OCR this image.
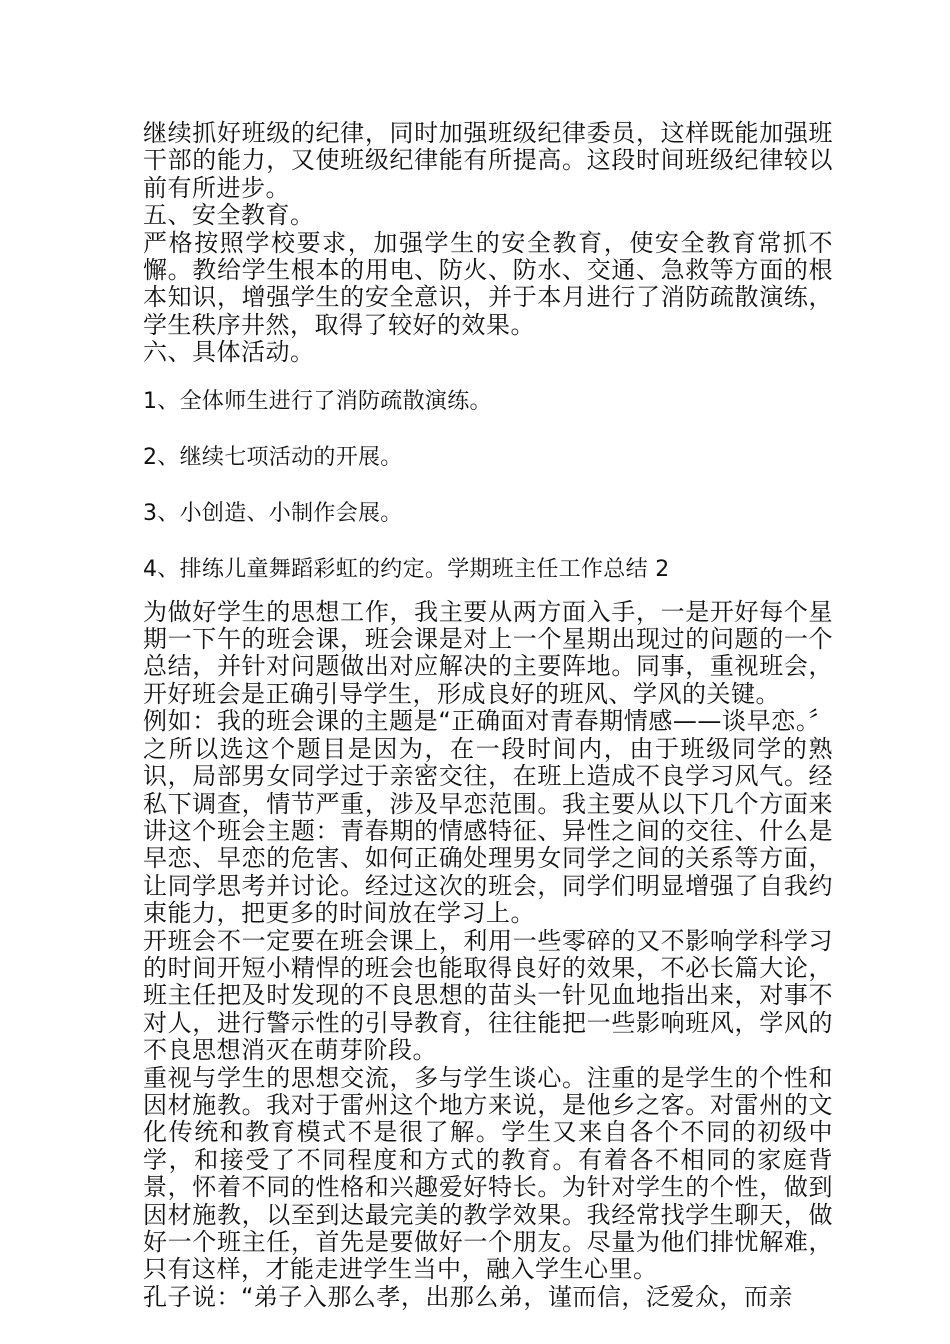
继续抓好班级的纪律，同时加强班级纪律委员，这样既能加强班干部的能力，又使班级纪律能有所提高。这段时间班级纪律较以前有所进步。

五、安全教育。

严格按照学校要求，加强学生的安全教育，使安全教育常抓不懈。教给学生根本的用电、防火、防水、交通、急救等方面的根本知识，增强学生的安全意识，并于本月进行了消防疏散演练，学生秩序井然，取得了较好的效果。

六、具体活动。

1、全体师生进行了消防疏散演练。

2、继续七项活动的开展。

3、小创造、小制作会展。

4、排练儿童舞蹈彩虹的约定。学期班主任工作总结 2

为做好学生的思想工作，我主要从两方面入手，一是开好每个星期一下午的班会课，班会课是对上一个星期出现过的问题的一个总结，并针对问题做出对应解决的主要阵地。同事，重视班会，开好班会是正确引导学生，形成良好的班风、学风的关键。

例如：我的班会课的主题是“正确面对青春期情感——谈早恋。〞之所以选这个题目是因为，在一段时间内，由于班级同学的熟识，局部男女同学过于亲密交往，在班上造成不良学习风气。经私下调查，情节严重，涉及早恋范围。我主要从以下几个方面来讲这个班会主题：青春期的情感特征、异性之间的交往、什么是早恋、早恋的危害、如何正确处理男女同学之间的关系等方面，让同学思考并讨论。经过这次的班会，同学们明显增强了自我约束能力，把更多的时间放在学习上。

开班会不一定要在班会课上，利用一些零碎的又不影响学科学习的时间开短小精悍的班会也能取得良好的效果，不必长篇大论，班主任把及时发现的不良思想的苗头一针见血地指出来，对事不对人，进行警示性的引导教育，往往能把一些影响班风，学风的不良思想消灭在萌芽阶段。

重视与学生的思想交流，多与学生谈心。注重的是学生的个性和因材施教。我对于雷州这个地方来说，是他乡之客。对雷州的文化传统和教育模式不是很了解。学生又来自各个不同的初级中学，和接受了不同程度和方式的教育。有着各不相同的家庭背景，怀着不同的性格和兴趣爱好特长。为针对学生的个性，做到因材施教，以至到达最完美的教学效果。我经常找学生聊天，做好一个班主任，首先是要做好一个朋友。尽量为他们排忧解难，只有这样，才能走进学生当中，融入学生心里。

孔子说：“弟子入那么孝，出那么弟，谨而信，泛爱众，而亲
